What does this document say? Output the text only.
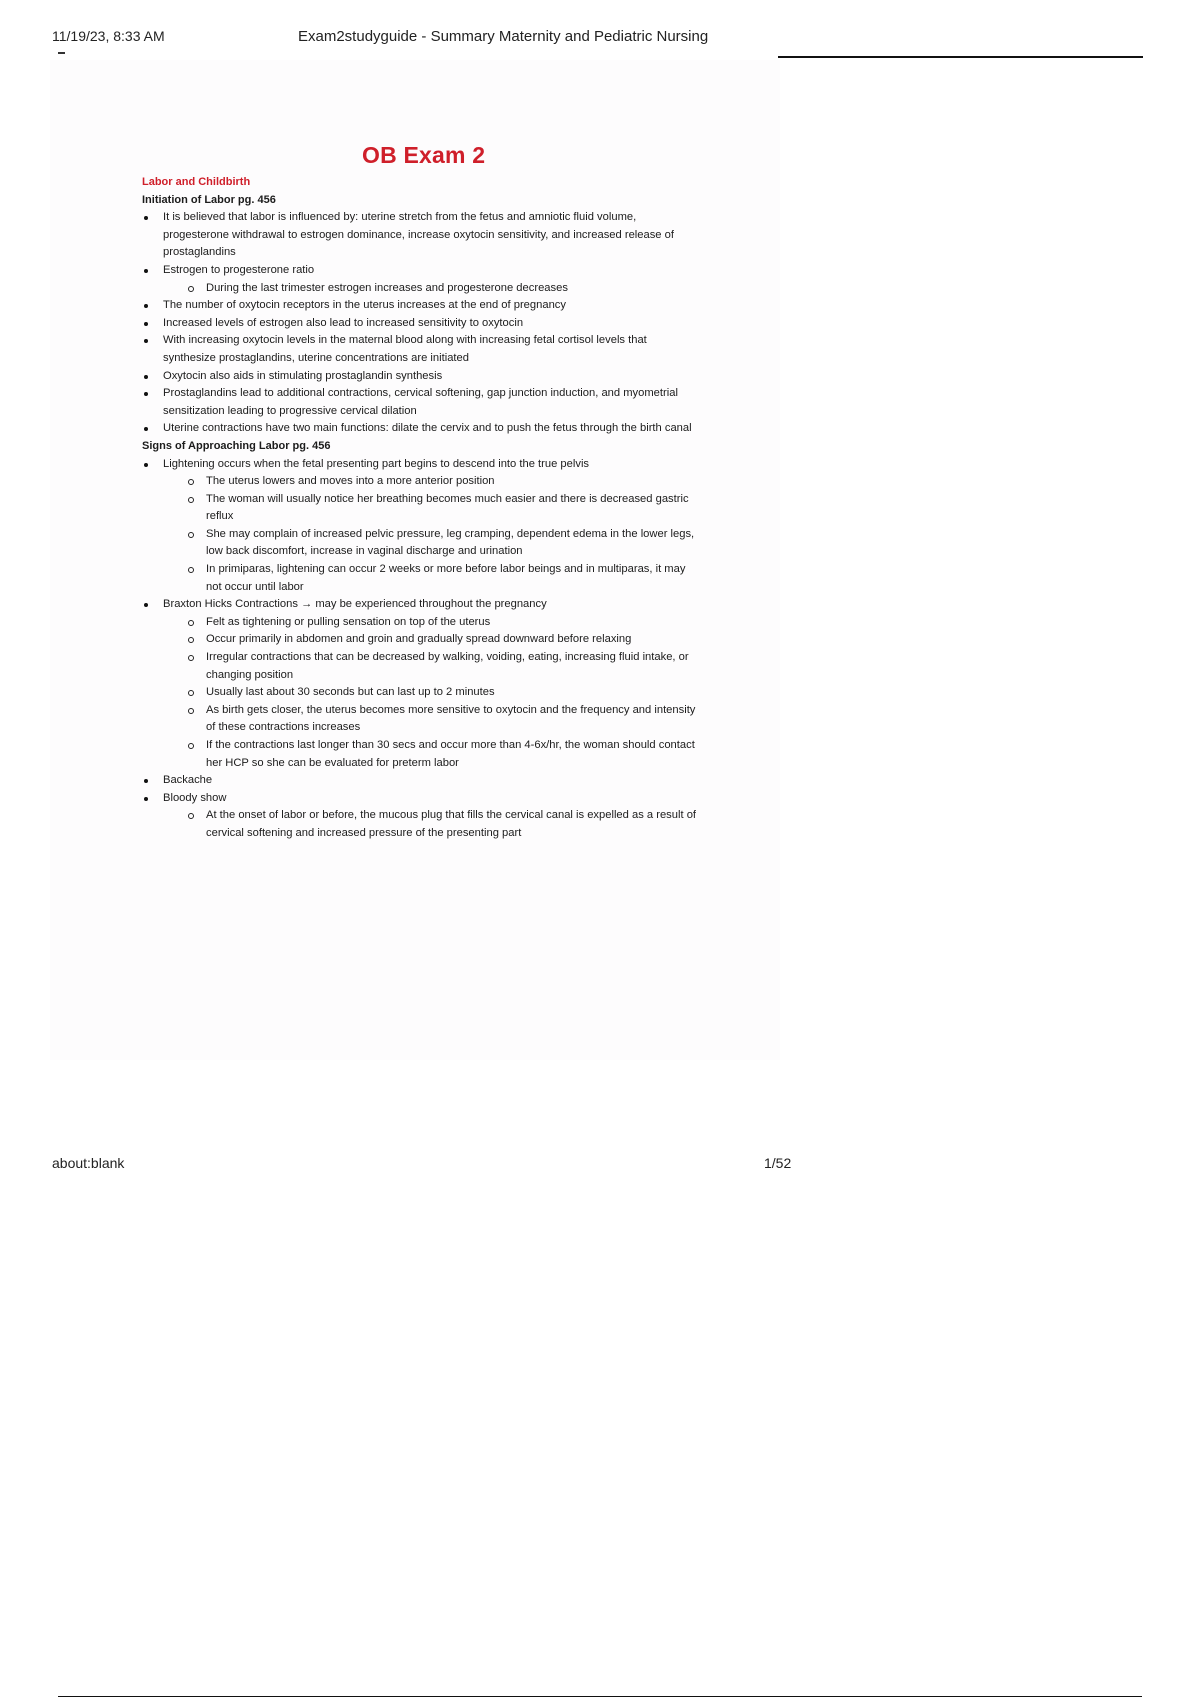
11/19/23, 8:33 AM	Exam2studyguide - Summary Maternity and Pediatric Nursing
OB Exam 2
Labor and Childbirth
Initiation of Labor pg. 456
It is believed that labor is influenced by: uterine stretch from the fetus and amniotic fluid volume, progesterone withdrawal to estrogen dominance, increase oxytocin sensitivity, and increased release of prostaglandins
Estrogen to progesterone ratio
During the last trimester estrogen increases and progesterone decreases
The number of oxytocin receptors in the uterus increases at the end of pregnancy
Increased levels of estrogen also lead to increased sensitivity to oxytocin
With increasing oxytocin levels in the maternal blood along with increasing fetal cortisol levels that synthesize prostaglandins, uterine concentrations are initiated
Oxytocin also aids in stimulating prostaglandin synthesis
Prostaglandins lead to additional contractions, cervical softening, gap junction induction, and myometrial sensitization leading to progressive cervical dilation
Uterine contractions have two main functions: dilate the cervix and to push the fetus through the birth canal
Signs of Approaching Labor pg. 456
Lightening occurs when the fetal presenting part begins to descend into the true pelvis
The uterus lowers and moves into a more anterior position
The woman will usually notice her breathing becomes much easier and there is decreased gastric reflux
She may complain of increased pelvic pressure, leg cramping, dependent edema in the lower legs, low back discomfort, increase in vaginal discharge and urination
In primiparas, lightening can occur 2 weeks or more before labor beings and in multiparas, it may not occur until labor
Braxton Hicks Contractions → may be experienced throughout the pregnancy
Felt as tightening or pulling sensation on top of the uterus
Occur primarily in abdomen and groin and gradually spread downward before relaxing
Irregular contractions that can be decreased by walking, voiding, eating, increasing fluid intake, or changing position
Usually last about 30 seconds but can last up to 2 minutes
As birth gets closer, the uterus becomes more sensitive to oxytocin and the frequency and intensity of these contractions increases
If the contractions last longer than 30 secs and occur more than 4-6x/hr, the woman should contact her HCP so she can be evaluated for preterm labor
Backache
Bloody show
At the onset of labor or before, the mucous plug that fills the cervical canal is expelled as a result of cervical softening and increased pressure of the presenting part
about:blank	1/52
